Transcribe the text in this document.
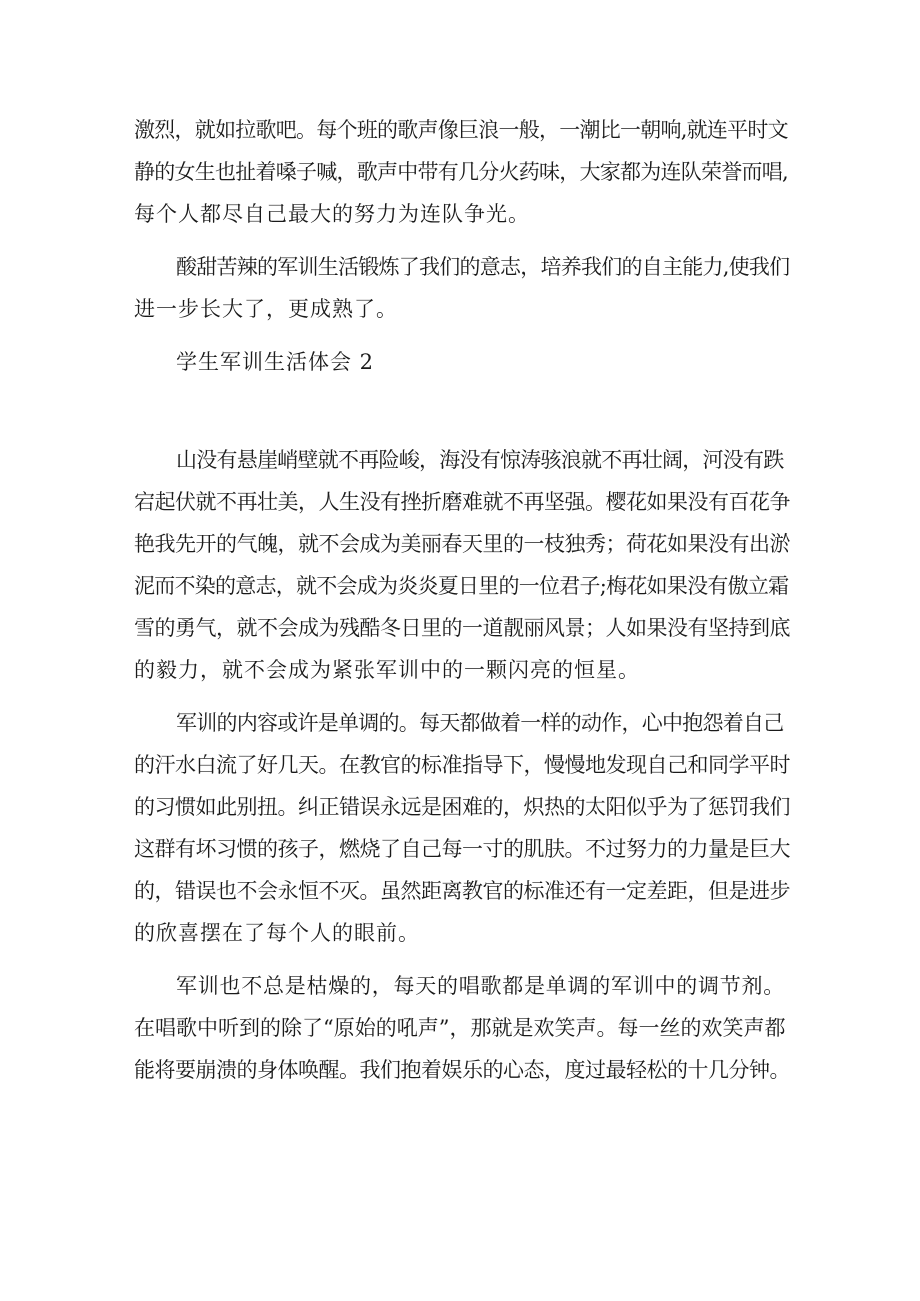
激烈，就如拉歌吧。每个班的歌声像巨浪一般，一潮比一朝响,就连平时文

静的女生也扯着嗓子喊，歌声中带有几分火药味，大家都为连队荣誉而唱,

每个人都尽自己最大的努力为连队争光。

酸甜苦辣的军训生活锻炼了我们的意志，培养我们的自主能力,使我们

进一步长大了，更成熟了。

学生军训生活体会 2

山没有悬崖峭壁就不再险峻，海没有惊涛骇浪就不再壮阔，河没有跌

宕起伏就不再壮美，人生没有挫折磨难就不再坚强。樱花如果没有百花争

艳我先开的气魄，就不会成为美丽春天里的一枝独秀；荷花如果没有出淤

泥而不染的意志，就不会成为炎炎夏日里的一位君子;梅花如果没有傲立霜

雪的勇气，就不会成为残酷冬日里的一道靓丽风景；人如果没有坚持到底

的毅力，就不会成为紧张军训中的一颗闪亮的恒星。

军训的内容或许是单调的。每天都做着一样的动作，心中抱怨着自己

的汗水白流了好几天。在教官的标准指导下，慢慢地发现自己和同学平时

的习惯如此别扭。纠正错误永远是困难的，炽热的太阳似乎为了惩罚我们

这群有坏习惯的孩子，燃烧了自己每一寸的肌肤。不过努力的力量是巨大

的，错误也不会永恒不灭。虽然距离教官的标准还有一定差距，但是进步

的欣喜摆在了每个人的眼前。

军训也不总是枯燥的，每天的唱歌都是单调的军训中的调节剂。

在唱歌中听到的除了“原始的吼声”，那就是欢笑声。每一丝的欢笑声都

能将要崩溃的身体唤醒。我们抱着娱乐的心态，度过最轻松的十几分钟。
